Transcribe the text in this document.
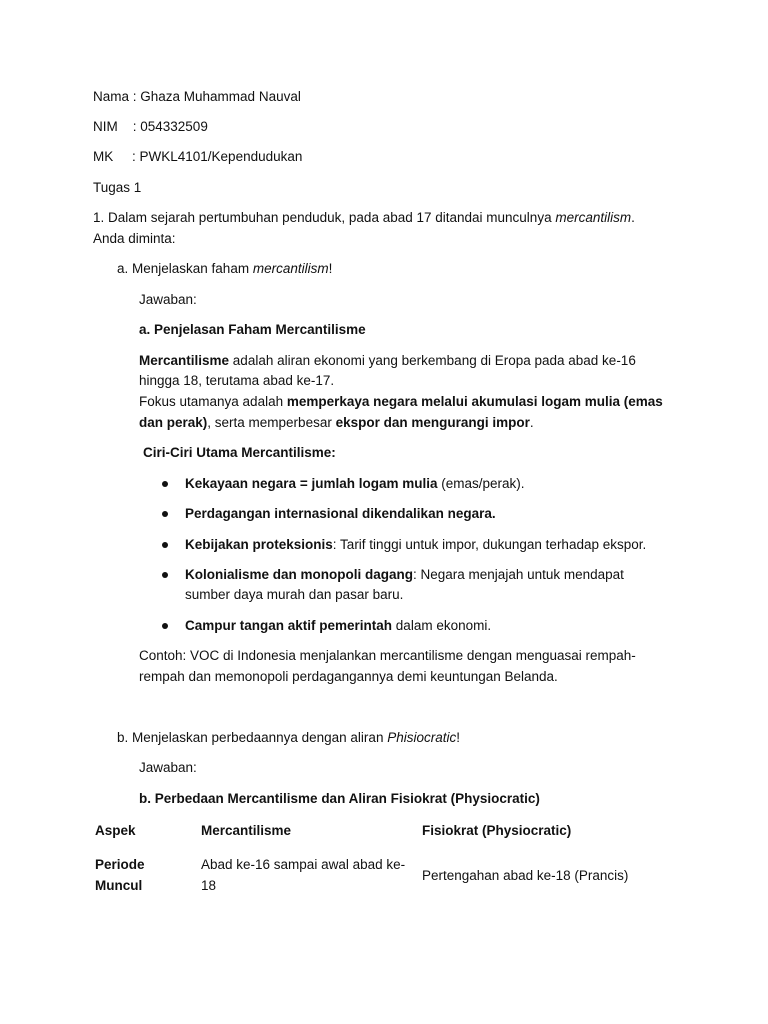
Nama : Ghaza Muhammad Nauval
NIM    : 054332509
MK     : PWKL4101/Kependudukan
Tugas 1
1. Dalam sejarah pertumbuhan penduduk, pada abad 17 ditandai munculnya mercantilism.
Anda diminta:
a. Menjelaskan faham mercantilism!
Jawaban:
a. Penjelasan Faham Mercantilisme
Mercantilisme adalah aliran ekonomi yang berkembang di Eropa pada abad ke-16
hingga 18, terutama abad ke-17.
Fokus utamanya adalah memperkaya negara melalui akumulasi logam mulia (emas
dan perak), serta memperbesar ekspor dan mengurangi impor.
Ciri-Ciri Utama Mercantilisme:
Kekayaan negara = jumlah logam mulia (emas/perak).
Perdagangan internasional dikendalikan negara.
Kebijakan proteksionis: Tarif tinggi untuk impor, dukungan terhadap ekspor.
Kolonialisme dan monopoli dagang: Negara menjajah untuk mendapat
sumber daya murah dan pasar baru.
Campur tangan aktif pemerintah dalam ekonomi.
Contoh: VOC di Indonesia menjalankan mercantilisme dengan menguasai rempah-
rempah dan memonopoli perdagangannya demi keuntungan Belanda.
b. Menjelaskan perbedaannya dengan aliran Phisiocratic!
Jawaban:
b. Perbedaan Mercantilisme dan Aliran Fisiokrat (Physiocratic)
Aspek	Mercantilisme	Fisiokrat (Physiocratic)
Periode
Muncul
Abad ke-16 sampai awal abad ke-
18
Pertengahan abad ke-18 (Prancis)
